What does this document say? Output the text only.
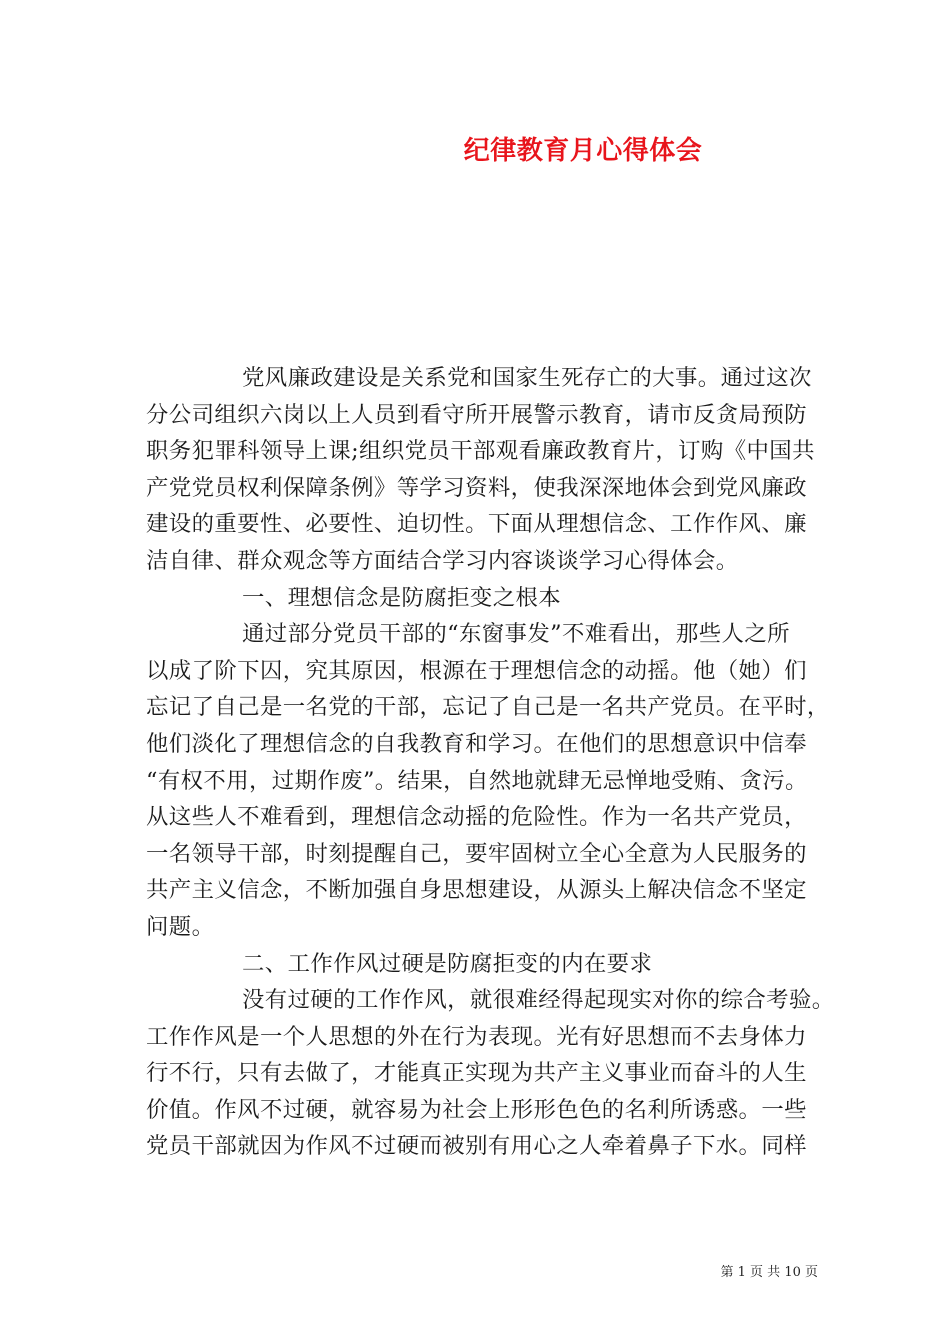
纪律教育月心得体会
党风廉政建设是关系党和国家生死存亡的大事。通过这次
分公司组织六岗以上人员到看守所开展警示教育，请市反贪局预防
职务犯罪科领导上课;组织党员干部观看廉政教育片，订购《中国共
产党党员权利保障条例》等学习资料，使我深深地体会到党风廉政
建设的重要性、必要性、迫切性。下面从理想信念、工作作风、廉
洁自律、群众观念等方面结合学习内容谈谈学习心得体会。
一、理想信念是防腐拒变之根本
通过部分党员干部的“东窗事发”不难看出，那些人之所
以成了阶下囚，究其原因，根源在于理想信念的动摇。他（她）们
忘记了自己是一名党的干部，忘记了自己是一名共产党员。在平时，
他们淡化了理想信念的自我教育和学习。在他们的思想意识中信奉
“有权不用，过期作废”。结果，自然地就肆无忌惮地受贿、贪污。
从这些人不难看到，理想信念动摇的危险性。作为一名共产党员，
一名领导干部，时刻提醒自己，要牢固树立全心全意为人民服务的
共产主义信念，不断加强自身思想建设，从源头上解决信念不坚定
问题。
二、工作作风过硬是防腐拒变的内在要求
没有过硬的工作作风，就很难经得起现实对你的综合考验。
工作作风是一个人思想的外在行为表现。光有好思想而不去身体力
行不行，只有去做了，才能真正实现为共产主义事业而奋斗的人生
价值。作风不过硬，就容易为社会上形形色色的名利所诱惑。一些
党员干部就因为作风不过硬而被别有用心之人牵着鼻子下水。同样
第 1 页 共 10 页
